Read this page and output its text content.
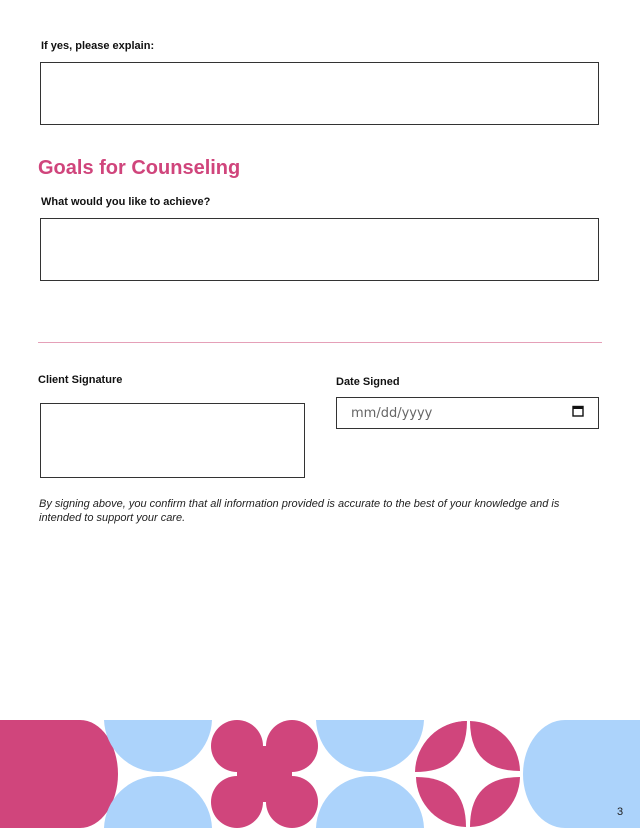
If yes, please explain:
Goals for Counseling
What would you like to achieve?
Client Signature	Date Signed
mm/dd/yyyy
By signing above, you confirm that all information provided is accurate to the best of your knowledge and is intended to support your care.
3
